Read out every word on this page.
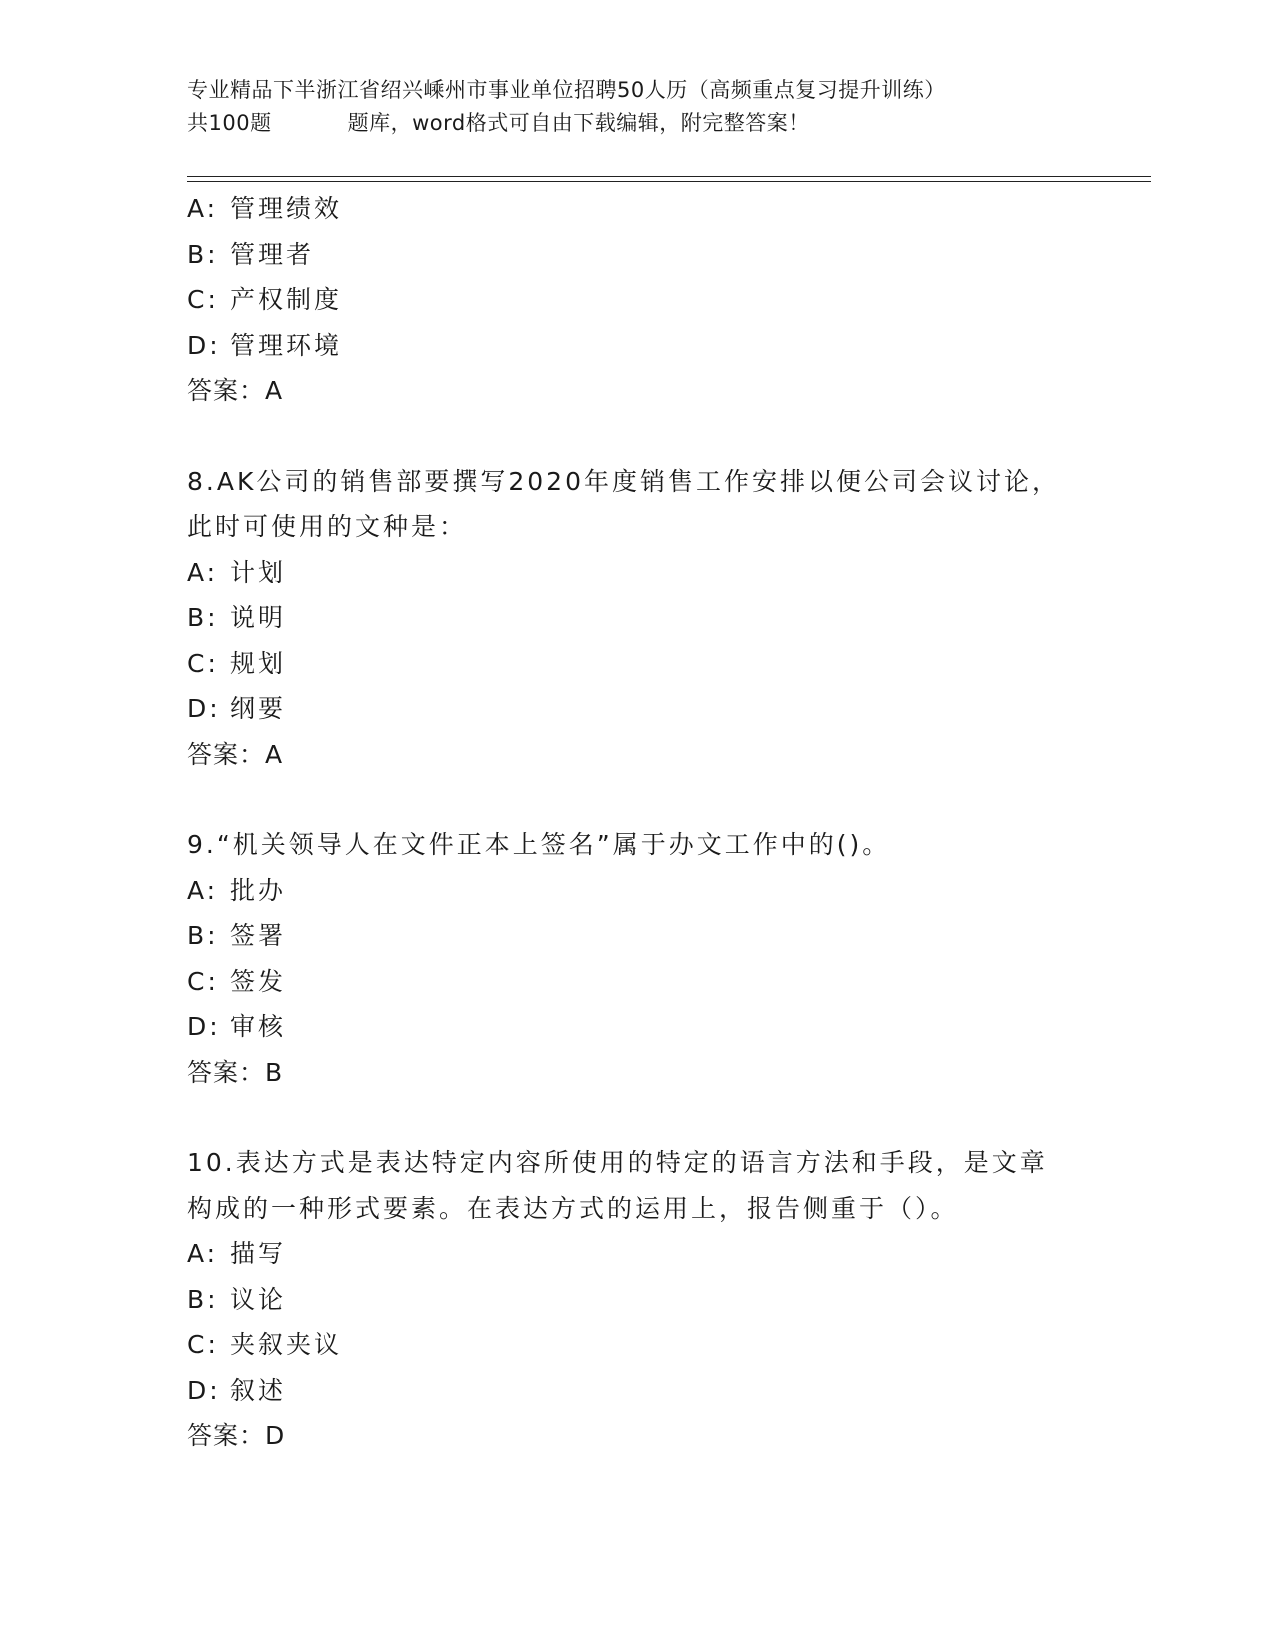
专业精品下半浙江省绍兴嵊州市事业单位招聘50人历（高频重点复习提升训练）
共100题	题库，word格式可自由下载编辑，附完整答案！
A: 管理绩效
B: 管理者
C: 产权制度
D: 管理环境
答案：A
8.AK公司的销售部要撰写2020年度销售工作安排以便公司会议讨论，此时可使用的文种是：
A: 计划
B: 说明
C: 规划
D: 纲要
答案：A
9.“机关领导人在文件正本上签名”属于办文工作中的()。
A: 批办
B: 签署
C: 签发
D: 审核
答案：B
10.表达方式是表达特定内容所使用的特定的语言方法和手段，是文章构成的一种形式要素。在表达方式的运用上，报告侧重于（）。
A: 描写
B: 议论
C: 夹叙夹议
D: 叙述
答案：D
